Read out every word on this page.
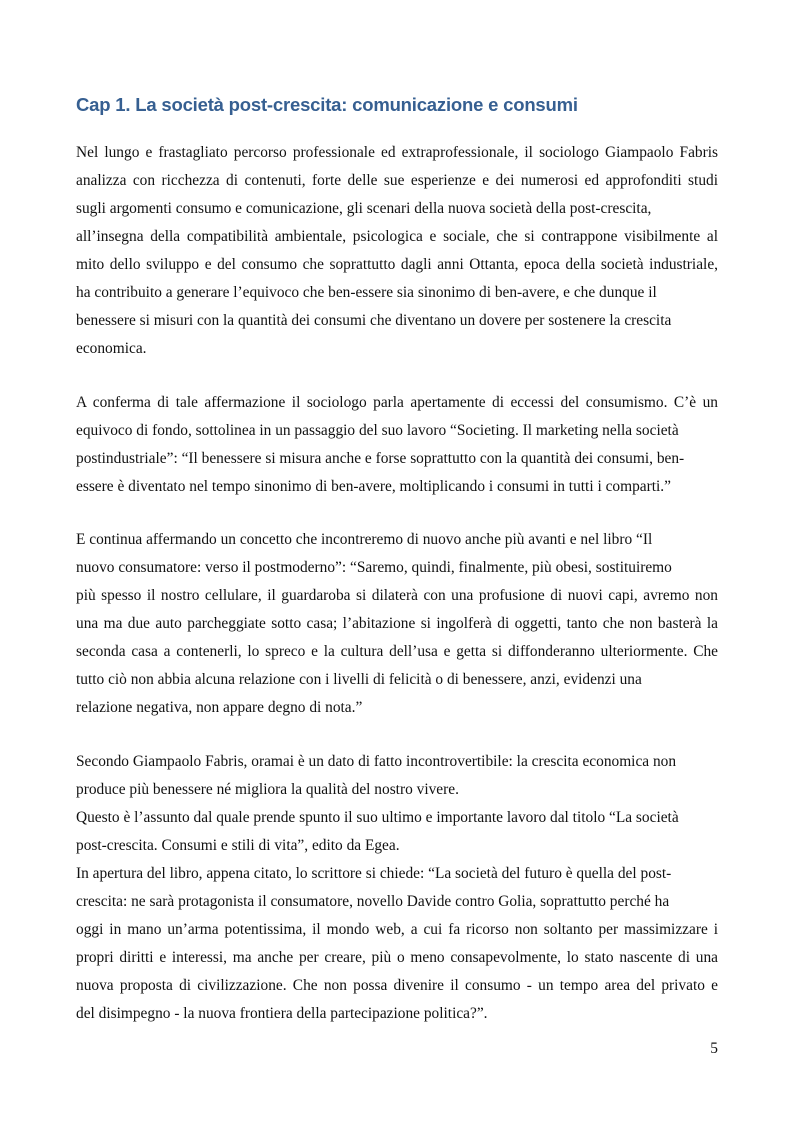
Cap 1. La società post-crescita: comunicazione e consumi

Nel lungo e frastagliato percorso professionale ed extraprofessionale, il sociologo Giampaolo Fabris

analizza con ricchezza di contenuti, forte delle sue esperienze e dei numerosi ed approfonditi studi

sugli argomenti consumo e comunicazione, gli scenari della nuova società della post-crescita,

all’insegna della compatibilità ambientale, psicologica e sociale, che si contrappone visibilmente al

mito dello sviluppo e del consumo che soprattutto dagli anni Ottanta, epoca della società industriale,

ha contribuito a generare l’equivoco che ben-essere sia sinonimo di ben-avere, e che dunque il

benessere si misuri con la quantità dei consumi che diventano un dovere per sostenere la crescita

economica.

A conferma di tale affermazione il sociologo parla apertamente di eccessi del consumismo. C’è un

equivoco di fondo, sottolinea in un passaggio del suo lavoro “Societing. Il marketing nella società

postindustriale”: “Il benessere si misura anche e forse soprattutto con la quantità dei consumi, ben-

essere è diventato nel tempo sinonimo di ben-avere, moltiplicando i consumi in tutti i comparti.”

E continua affermando un concetto che incontreremo di nuovo anche più avanti e nel libro “Il

nuovo consumatore: verso il postmoderno”: “Saremo, quindi, finalmente, più obesi, sostituiremo

più spesso il nostro cellulare, il guardaroba si dilaterà con una profusione di nuovi capi, avremo non

una ma due auto parcheggiate sotto casa; l’abitazione si ingolferà di oggetti, tanto che non basterà la

seconda casa a contenerli, lo spreco e la cultura dell’usa e getta si diffonderanno ulteriormente. Che

tutto ciò non abbia alcuna relazione con i livelli di felicità o di benessere, anzi, evidenzi una

relazione negativa, non appare degno di nota.”

Secondo Giampaolo Fabris, oramai è un dato di fatto incontrovertibile: la crescita economica non

produce più benessere né migliora la qualità del nostro vivere.

Questo è l’assunto dal quale prende spunto il suo ultimo e importante lavoro dal titolo “La società

post-crescita. Consumi e stili di vita”, edito da Egea.

In apertura del libro, appena citato, lo scrittore si chiede: “La società del futuro è quella del post-

crescita: ne sarà protagonista il consumatore, novello Davide contro Golia, soprattutto perché ha

oggi in mano un’arma potentissima, il mondo web, a cui fa ricorso non soltanto per massimizzare i

propri diritti e interessi, ma anche per creare, più o meno consapevolmente, lo stato nascente di una

nuova proposta di civilizzazione. Che non possa divenire il consumo - un tempo area del privato e

del disimpegno - la nuova frontiera della partecipazione politica?”.

5
